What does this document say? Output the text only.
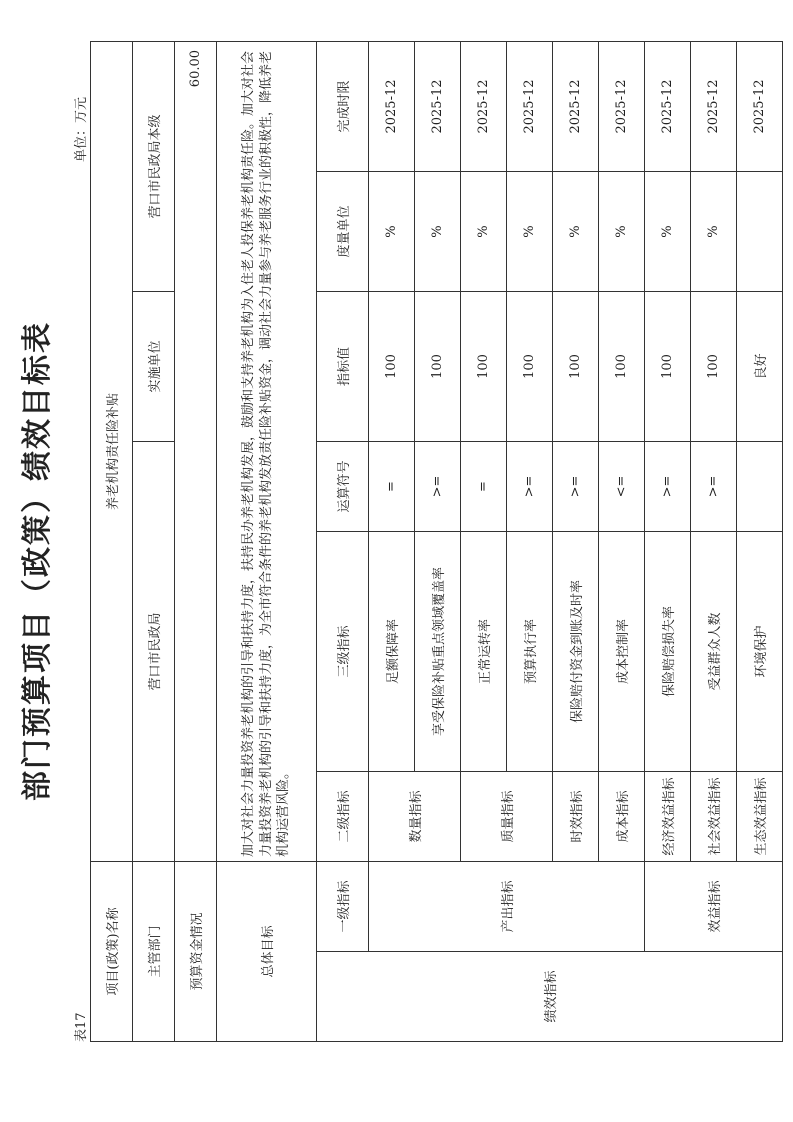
部门预算项目（政策）绩效目标表
表17
单位：万元
项目(政策)名称		养老机构责任险补贴					
主管部门		营口市民政局			实施单位	营口市民政局本级	
预算资金情况		60.00					
总体目标		加大对社会力量投资养老机构的引导和扶持力度，扶持民办养老机构发展，鼓励和支持养老机构为入住老人投保养老机构责任险。加大对社会力量投资养老机构的引导和扶持力度，为全市符合条件的养老机构发放责任险补贴资金，调动社会力量参与养老服务行业的积极性，降低养老机构运营风险。					
绩效指标	一级指标	二级指标	三级指标	运算符号	指标值	度量单位	完成时限
	产出指标	数量指标	足额保障率	=	100	%	2025-12
			享受保险补贴重点领域覆盖率	>=	100	%	2025-12
		质量指标	正常运转率	=	100	%	2025-12
			预算执行率	>=	100	%	2025-12
		时效指标	保险赔付资金到账及时率	>=	100	%	2025-12
		成本指标	成本控制率	<=	100	%	2025-12
	效益指标	经济效益指标	保险赔偿损失率	>=	100	%	2025-12
		社会效益指标	受益群众人数	>=	100	%	2025-12
		生态效益指标	环境保护		良好		2025-12
